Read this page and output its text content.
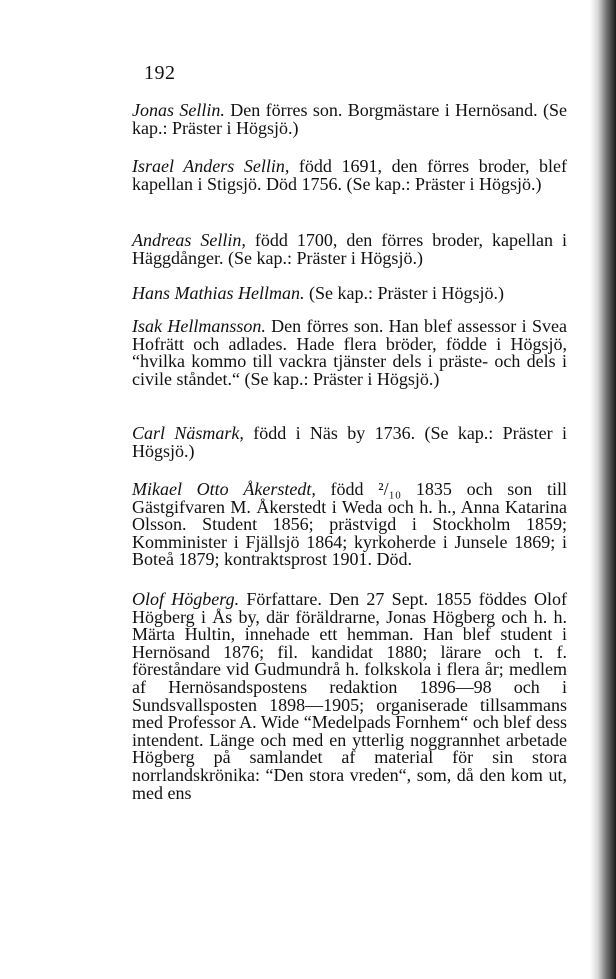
192

Jonas Sellin. Den förres son. Borgmästare i Hernösand. (Se kap.: Präster i Högsjö.)

Israel Anders Sellin, född 1691, den förres broder, blef kapellan i Stigsjö. Död 1756. (Se kap.: Präster i Högsjö.)

Andreas Sellin, född 1700, den förres broder, kapellan i Häggdånger. (Se kap.: Präster i Högsjö.)

Hans Mathias Hellman. (Se kap.: Präster i Högsjö.)

Isak Hellmansson. Den förres son. Han blef assessor i Svea Hofrätt och adlades. Hade flera bröder, födde i Högsjö, “hvilka kommo till vackra tjänster dels i präste- och dels i civile ståndet.“ (Se kap.: Präster i Högsjö.)

Carl Näsmark, född i Näs by 1736. (Se kap.: Präster i Högsjö.)

Mikael Otto Åkerstedt, född ²/₁₀ 1835 och son till Gästgifvaren M. Åkerstedt i Weda och h. h., Anna Katarina Olsson. Student 1856; prästvigd i Stockholm 1859; Komminister i Fjällsjö 1864; kyrkoherde i Junsele 1869; i Boteå 1879; kontraktsprost 1901. Död.

Olof Högberg. Författare. Den 27 Sept. 1855 föddes Olof Högberg i Ås by, där föräldrarne, Jonas Högberg och h. h. Märta Hultin, innehade ett hemman. Han blef student i Hernösand 1876; fil. kandidat 1880; lärare och t. f. föreståndare vid Gudmundrå h. folkskola i flera år; medlem af Hernösandspostens redaktion 1896—98 och i Sundsvallsposten 1898—1905; organiserade tillsammans med Professor A. Wide “Medelpads Fornhem“ och blef dess intendent. Länge och med en ytterlig noggrannhet arbetade Högberg på samlandet af material för sin stora norrlandskrönika: “Den stora vreden“, som, då den kom ut, med ens
